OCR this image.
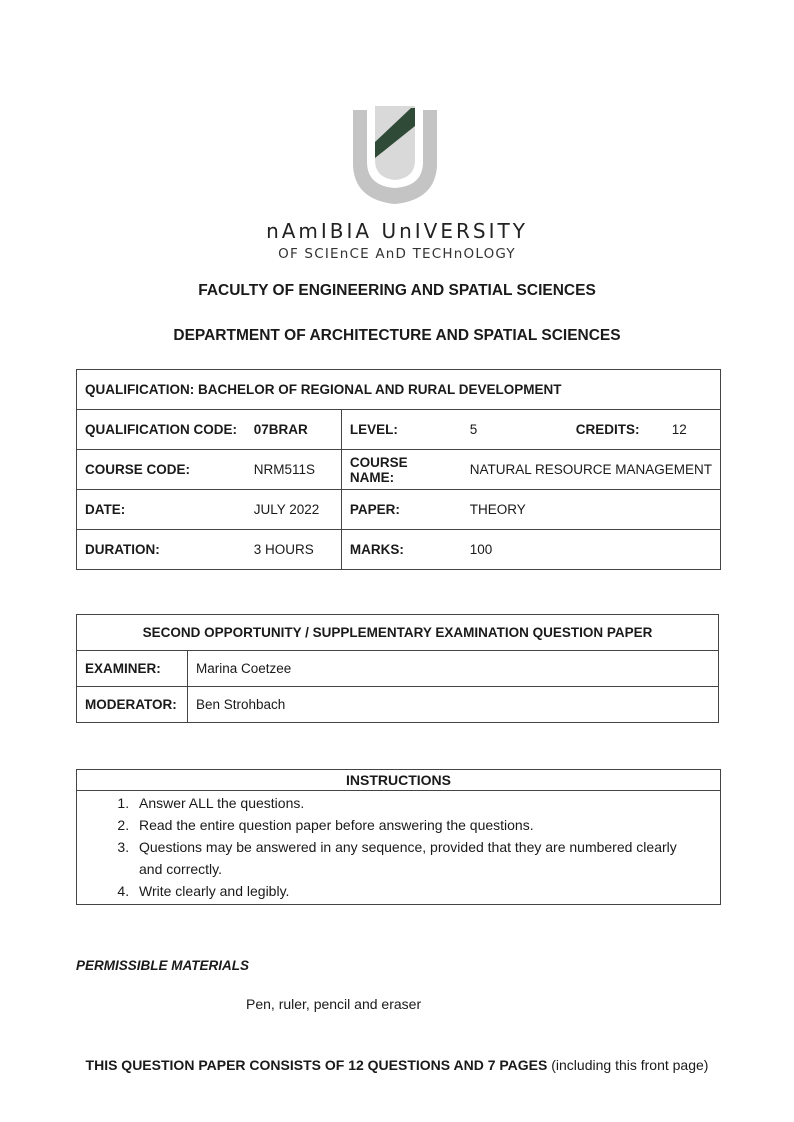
nAmIBIA UnIVERSITY
OF SCIEnCE AnD TECHnOLOGY
FACULTY OF ENGINEERING AND SPATIAL SCIENCES
DEPARTMENT OF ARCHITECTURE AND SPATIAL SCIENCES
QUALIFICATION: BACHELOR OF REGIONAL AND RURAL DEVELOPMENT					
QUALIFICATION CODE:	07BRAR	LEVEL:	5	CREDITS:	12
COURSE CODE:	NRM511S	COURSE NAME:	NATURAL RESOURCE MANAGEMENT		
DATE:	JULY 2022	PAPER:	THEORY		
DURATION:	3 HOURS	MARKS:	100		
SECOND OPPORTUNITY / SUPPLEMENTARY EXAMINATION QUESTION PAPER	
EXAMINER:	Marina Coetzee
MODERATOR:	Ben Strohbach
INSTRUCTIONS
1. Answer ALL the questions.
2. Read the entire question paper before answering the questions.
3. Questions may be answered in any sequence, provided that they are numbered clearly and correctly.
4. Write clearly and legibly.
PERMISSIBLE MATERIALS
Pen, ruler, pencil and eraser
THIS QUESTION PAPER CONSISTS OF 12 QUESTIONS AND 7 PAGES (including this front page)
